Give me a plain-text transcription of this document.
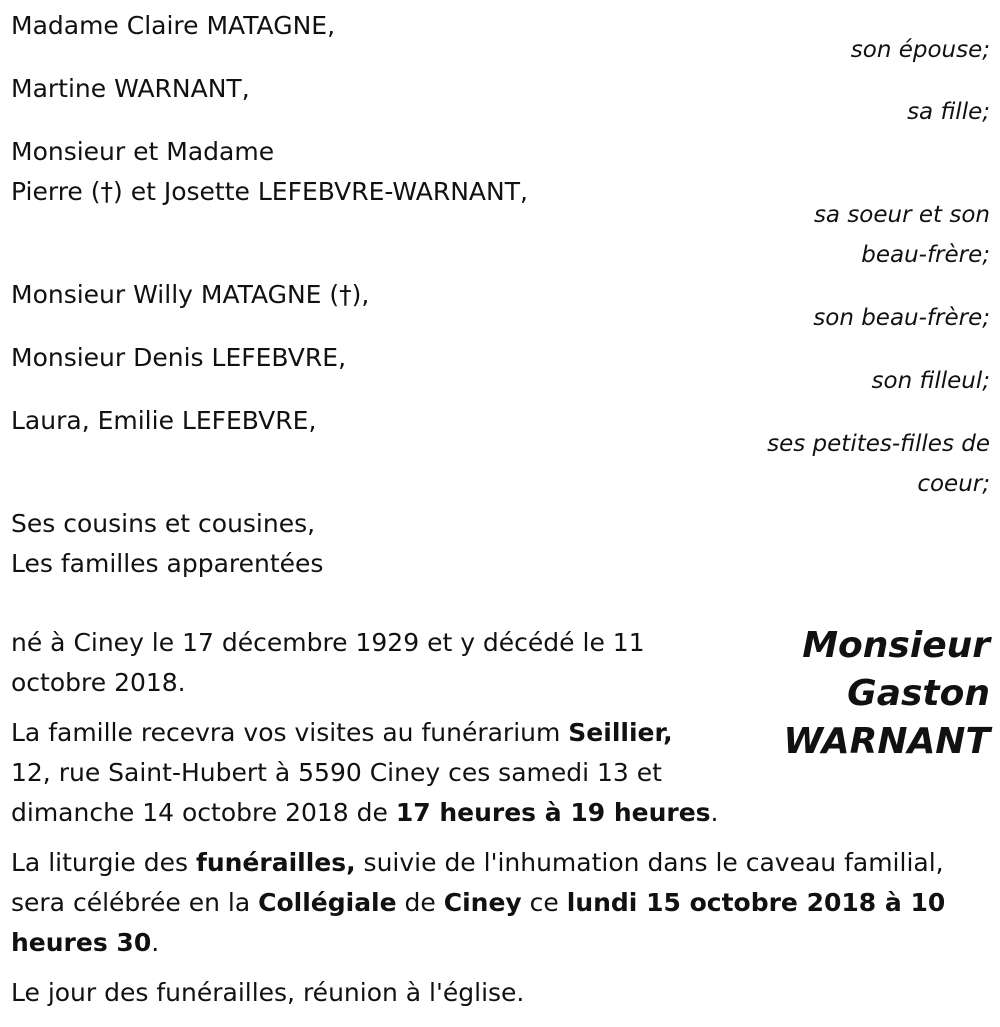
Madame Claire MATAGNE,
son épouse;
Martine WARNANT,
sa fille;
Monsieur et Madame
Pierre (†) et Josette LEFEBVRE-WARNANT,
sa soeur et son
beau-frère;
Monsieur Willy MATAGNE (†),
son beau-frère;
Monsieur Denis LEFEBVRE,
son filleul;
Laura, Emilie LEFEBVRE,
ses petites-filles de
coeur;
Ses cousins et cousines,
Les familles apparentées
Monsieur
Gaston
WARNANT
né à Ciney le 17 décembre 1929 et y décédé le 11
octobre 2018.
La famille recevra vos visites au funérarium Seillier,
12, rue Saint-Hubert à 5590 Ciney ces samedi 13 et
dimanche 14 octobre 2018 de 17 heures à 19 heures.
La liturgie des funérailles, suivie de l'inhumation dans le caveau familial,
sera célébrée en la Collégiale de Ciney ce lundi 15 octobre 2018 à 10
heures 30.
Le jour des funérailles, réunion à l'église.
